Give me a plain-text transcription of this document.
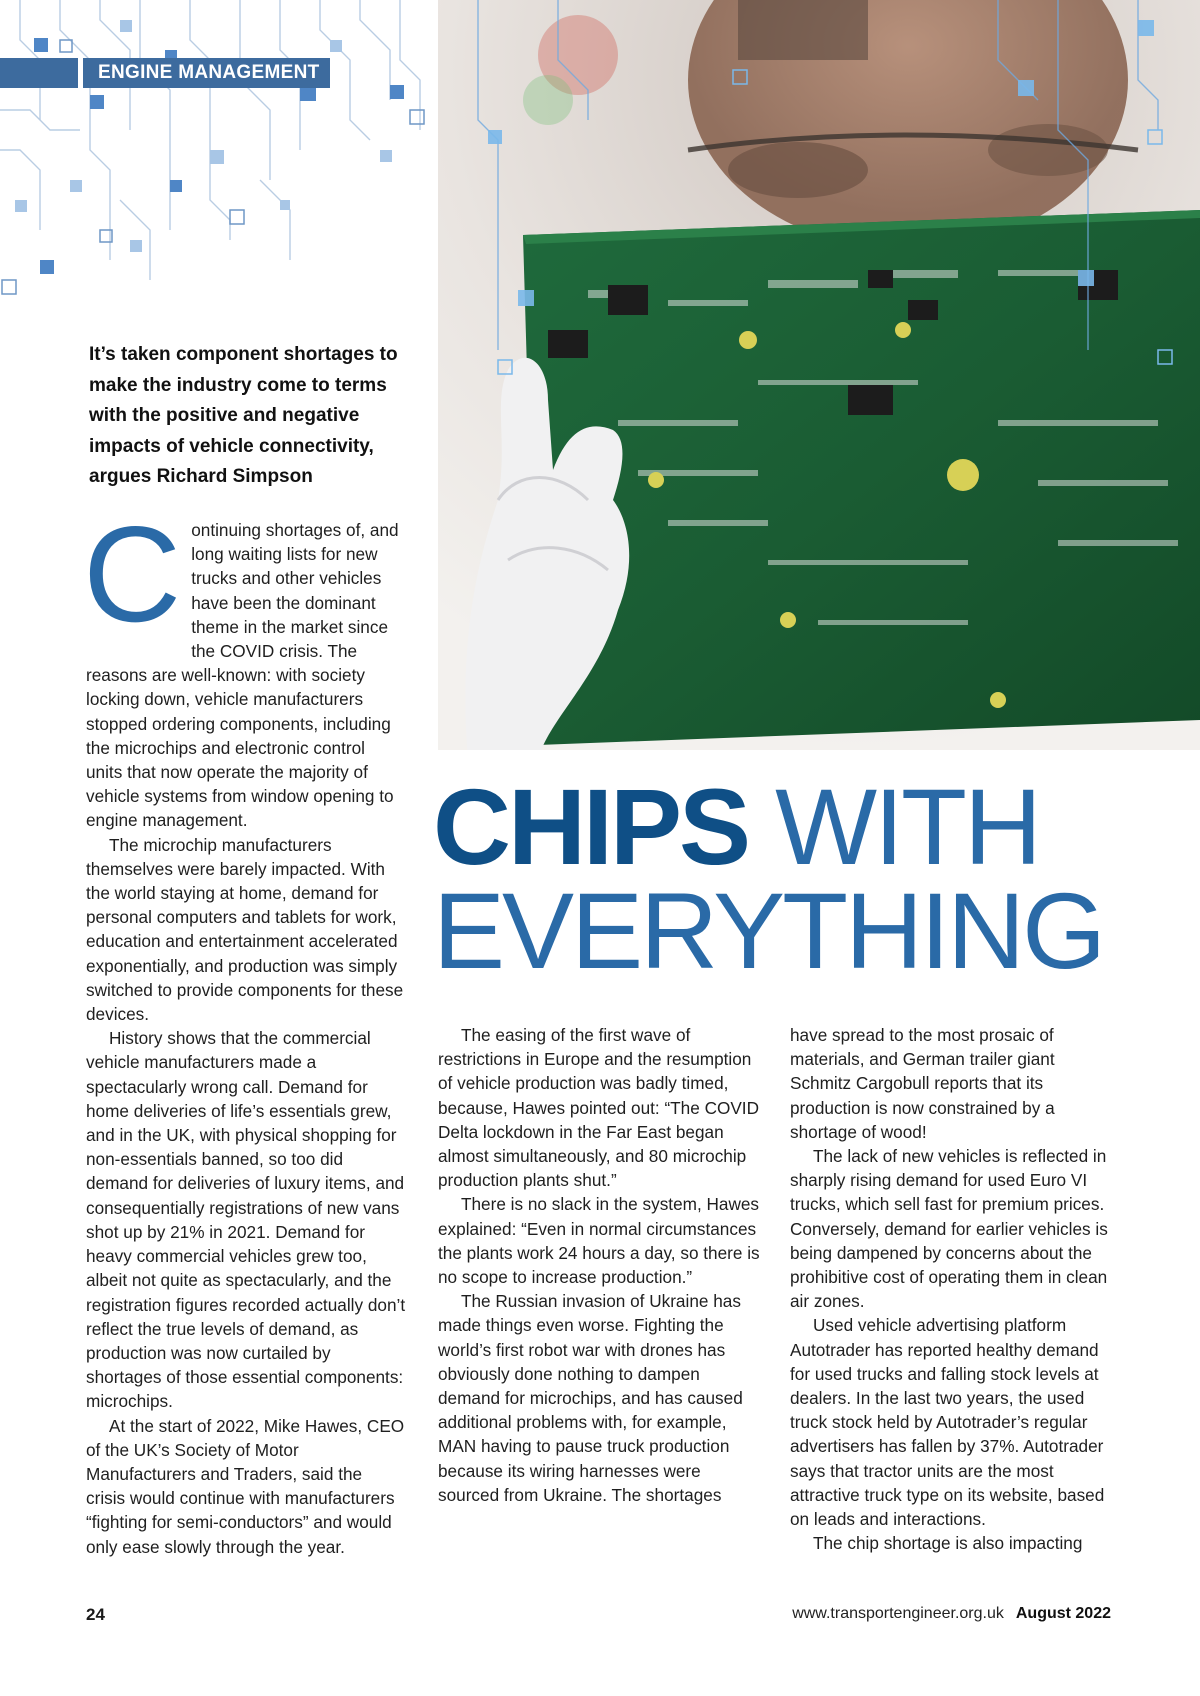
ENGINE MANAGEMENT
It’s taken component shortages to make the industry come to terms with the positive and negative impacts of vehicle connectivity, argues Richard Simpson
CHIPS WITH
EVERYTHING

Continuing shortages of, and long waiting lists for new trucks and other vehicles have been the dominant theme in the market since the COVID crisis. The reasons are well-known: with society locking down, vehicle manufacturers stopped ordering components, including the microchips and electronic control units that now operate the majority of vehicle systems from window opening to engine management.

The microchip manufacturers themselves were barely impacted. With the world staying at home, demand for personal computers and tablets for work, education and entertainment accelerated exponentially, and production was simply switched to provide components for these devices.

History shows that the commercial vehicle manufacturers made a spectacularly wrong call. Demand for home deliveries of life’s essentials grew, and in the UK, with physical shopping for non-essentials banned, so too did demand for deliveries of luxury items, and consequentially registrations of new vans shot up by 21% in 2021. Demand for heavy commercial vehicles grew too, albeit not quite as spectacularly, and the registration figures recorded actually don’t reflect the true levels of demand, as production was now curtailed by shortages of those essential components: microchips.

At the start of 2022, Mike Hawes, CEO of the UK’s Society of Motor Manufacturers and Traders, said the crisis would continue with manufacturers “fighting for semi-conductors” and would only ease slowly through the year.

The easing of the first wave of restrictions in Europe and the resumption of vehicle production was badly timed, because, Hawes pointed out: “The COVID Delta lockdown in the Far East began almost simultaneously, and 80 microchip production plants shut.”

There is no slack in the system, Hawes explained: “Even in normal circumstances the plants work 24 hours a day, so there is no scope to increase production.”

The Russian invasion of Ukraine has made things even worse. Fighting the world’s first robot war with drones has obviously done nothing to dampen demand for microchips, and has caused additional problems with, for example, MAN having to pause truck production because its wiring harnesses were sourced from Ukraine. The shortages

have spread to the most prosaic of materials, and German trailer giant Schmitz Cargobull reports that its production is now constrained by a shortage of wood!

The lack of new vehicles is reflected in sharply rising demand for used Euro VI trucks, which sell fast for premium prices. Conversely, demand for earlier vehicles is being dampened by concerns about the prohibitive cost of operating them in clean air zones.

Used vehicle advertising platform Autotrader has reported healthy demand for used trucks and falling stock levels at dealers. In the last two years, the used truck stock held by Autotrader’s regular advertisers has fallen by 37%. Autotrader says that tractor units are the most attractive truck type on its website, based on leads and interactions.

The chip shortage is also impacting

24	www.transportengineer.org.uk August 2022
